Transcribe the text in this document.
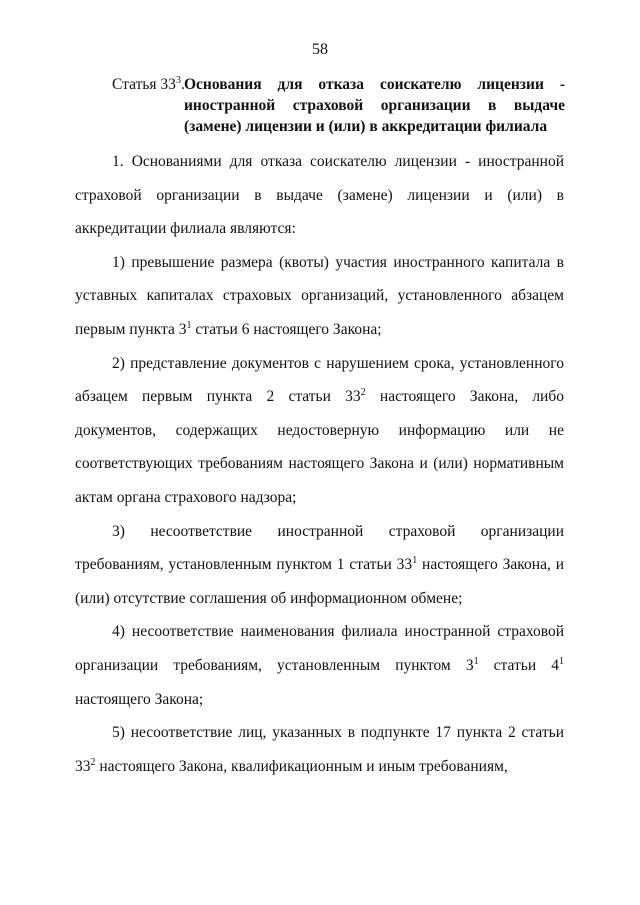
58
Статья $33^3$. Основания для отказа соискателю лицензии - иностранной страховой организации в выдаче (замене) лицензии и (или) в аккредитации филиала

1. Основаниями для отказа соискателю лицензии - иностранной страховой организации в выдаче (замене) лицензии и (или) в аккредитации филиала являются:

1) превышение размера (квоты) участия иностранного капитала в уставных капиталах страховых организаций, установленного абзацем первым пункта $3^1$ статьи 6 настоящего Закона;

2) представление документов с нарушением срока, установленного абзацем первым пункта 2 статьи $33^2$ настоящего Закона, либо документов, содержащих недостоверную информацию или не соответствующих требованиям настоящего Закона и (или) нормативным актам органа страхового надзора;

3) несоответствие иностранной страховой организации требованиям, установленным пунктом 1 статьи $33^1$ настоящего Закона, и (или) отсутствие соглашения об информационном обмене;

4) несоответствие наименования филиала иностранной страховой организации требованиям, установленным пунктом $3^1$ статьи $4^1$ настоящего Закона;

5) несоответствие лиц, указанных в подпункте 17 пункта 2 статьи $33^2$ настоящего Закона, квалификационным и иным требованиям,
